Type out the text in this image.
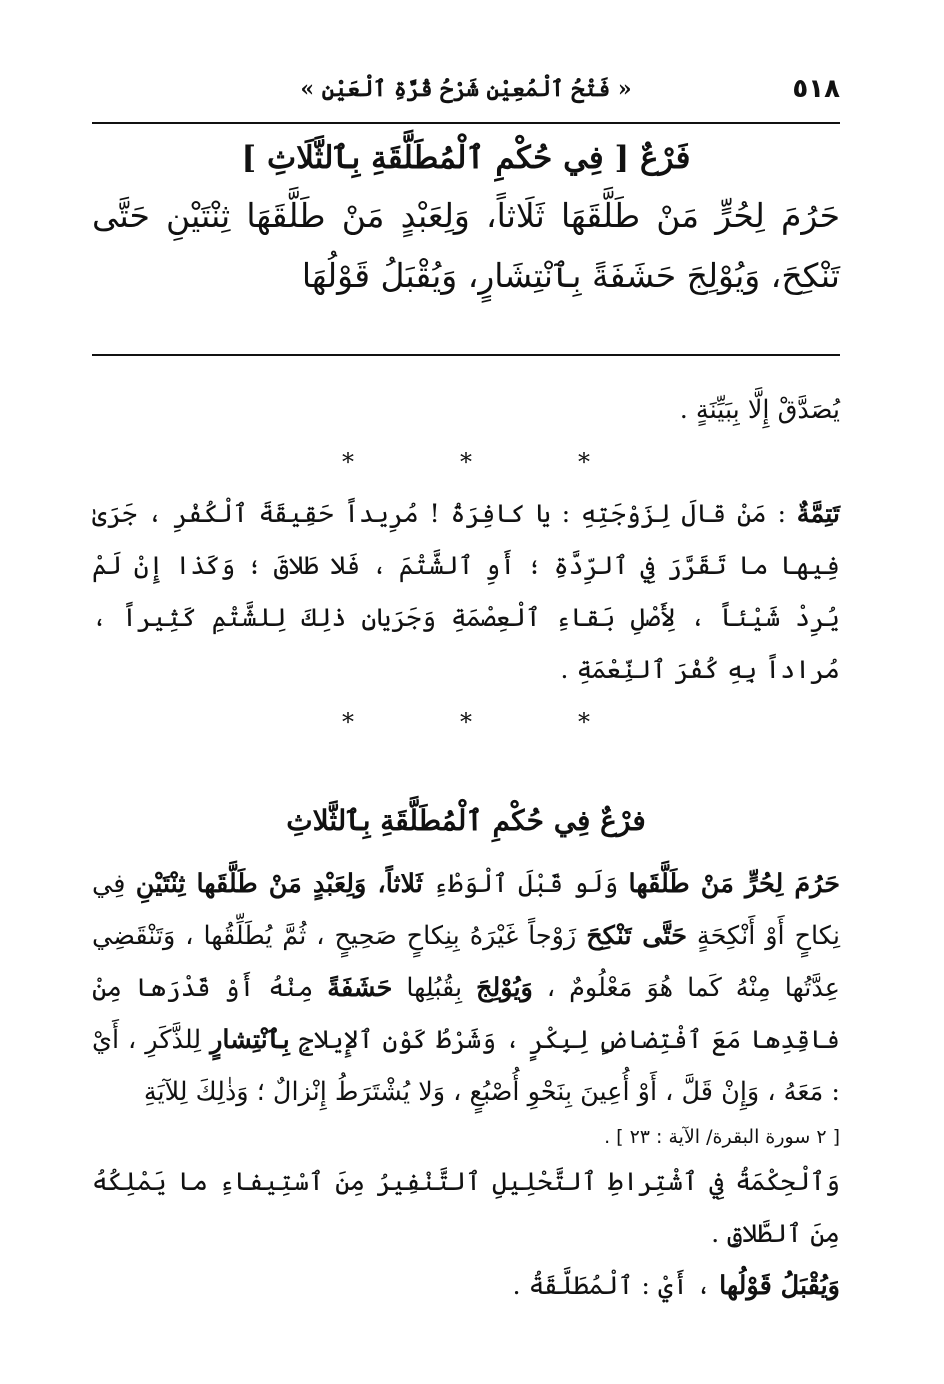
٥١٨
« فَتْحُ ٱلْمُعِيْنِ شَرْحُ قُرَّةِ ٱلْعَيْنِ »
فَرْعٌ [ فِي حُكْمِ ٱلْمُطَلَّقَةِ بِٱلثَّلَاثِ ]

حَرُمَ لِحُرٍّ مَنْ طَلَّقَهَا ثَلَاثاً، وَلِعَبْدٍ مَنْ طَلَّقَهَا ثِنْتَيْنِ حَتَّى تَنْكِحَ، وَيُوْلِجَ حَشَفَةً بِٱنْتِشَارٍ، وَيُقْبَلُ قَوْلُهَا

يُصَدَّقْ إِلَّا بِبَيِّنَةٍ .

***

تَتِمَّةٌ : مَنْ قالَ لِزَوْجَتِهِ : يا كافِرَةُ ! مُرِيداً حَقِيقَةَ ٱلْكُفْرِ ، جَرَىٰ فِيها ما تَقَرَّرَ فِي ٱلرِّدَّةِ ؛ أَوِ ٱلشَّتْمَ ، فَلا طَلاقَ ؛ وَكَذا إِنْ لَمْ يُرِدْ شَيْئاً ، لِأَصْلِ بَقاءِ ٱلْعِصْمَةِ وَجَرَيانِ ذٰلِكَ لِلشَّتْمِ كَثِيراً ، مُراداً بِهِ كُفْرَ ٱلنِّعْمَةِ .

***
فرْعٌ فِي حُكْمِ ٱلْمُطَلَّقَةِ بِٱلثَّلاثِ

حَرُمَ لِحُرٍّ مَنْ طَلَّقَها وَلَو قَبْلَ ٱلْوَطْءِ ثَلاثاً، وَلِعَبْدٍ مَنْ طَلَّقَها ثِنْتَيْنِ فِي نِكاحٍ أَوْ أَنْكِحَةٍ حَتَّى تَنْكِحَ زَوْجاً غَيْرَهُ بِنِكاحٍ صَحِيحٍ ، ثُمَّ يُطَلِّقُها ، وَتَنْقَضِي عِدَّتُها مِنْهُ كَما هُوَ مَعْلُومٌ ، وَيُوْلِجَ بِقُبُلِها حَشَفَةً مِنْهُ أَوْ قَدْرَها مِنْ فاقِدِها مَعَ ٱفْتِضاضٍ لِبِكْرٍ ، وَشَرْطُ كَوْنِ ٱلإِيلاجِ بِٱنْتِشارٍ لِلذَّكَرِ ، أَيْ : مَعَهُ ، وَإِنْ قَلَّ ، أَوْ أُعِينَ بِنَحْوِ أُصْبُعٍ ، وَلا يُشْتَرَطُ إِنْزالٌ ؛ وَذٰلِكَ لِلآيَةِ

[ ٢ سورة البقرة/ الآية : ٢٣ ] .

وَٱلْحِكْمَةُ فِي ٱشْتِراطِ ٱلتَّحْلِيلِ ٱلتَّنْفِيرُ مِنَ ٱسْتِيفاءِ ما يَمْلِكُهُ مِنَ ٱلطَّلاقِ .

وَيُقْبَلُ قَوْلُها ، أَيْ : ٱلْمُطَلَّقَةُ .
